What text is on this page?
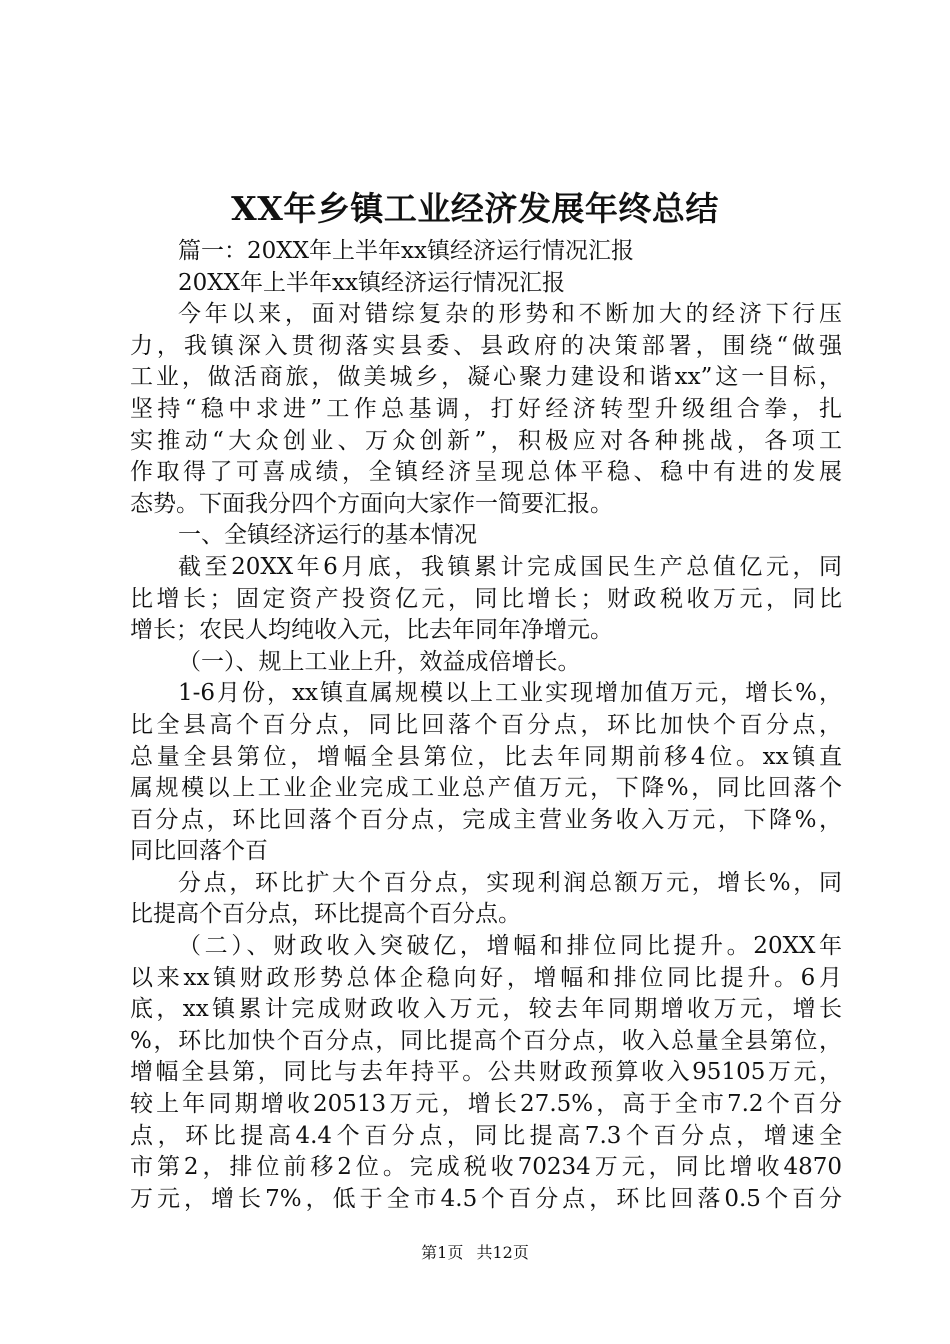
XX年乡镇工业经济发展年终总结
篇一：20XX年上半年xx镇经济运行情况汇报
20XX年上半年xx镇经济运行情况汇报
今年以来，面对错综复杂的形势和不断加大的经济下行压
力，我镇深入贯彻落实县委、县政府的决策部署，围绕“做强
工业，做活商旅，做美城乡，凝心聚力建设和谐xx”这一目标，
坚持“稳中求进”工作总基调，打好经济转型升级组合拳，扎
实推动“大众创业、万众创新”，积极应对各种挑战，各项工
作取得了可喜成绩，全镇经济呈现总体平稳、稳中有进的发展
态势。下面我分四个方面向大家作一简要汇报。
一、全镇经济运行的基本情况
截至20XX年6月底，我镇累计完成国民生产总值亿元，同
比增长；固定资产投资亿元，同比增长；财政税收万元，同比
增长；农民人均纯收入元，比去年同年净增元。
（一）、规上工业上升，效益成倍增长。
1-6月份，xx镇直属规模以上工业实现增加值万元，增长%，
比全县高个百分点，同比回落个百分点，环比加快个百分点，
总量全县第位，增幅全县第位，比去年同期前移4位。xx镇直
属规模以上工业企业完成工业总产值万元，下降%，同比回落个
百分点，环比回落个百分点，完成主营业务收入万元，下降%，
同比回落个百
分点，环比扩大个百分点，实现利润总额万元，增长%，同
比提高个百分点，环比提高个百分点。
（二）、财政收入突破亿，增幅和排位同比提升。20XX年
以来xx镇财政形势总体企稳向好，增幅和排位同比提升。6月
底，xx镇累计完成财政收入万元，较去年同期增收万元，增长
%，环比加快个百分点，同比提高个百分点，收入总量全县第位，
增幅全县第，同比与去年持平。公共财政预算收入95105万元，
较上年同期增收20513万元，增长27.5%，高于全市7.2个百分
点，环比提高4.4个百分点，同比提高7.3个百分点，增速全
市第2，排位前移2位。完成税收70234万元，同比增收4870
万元，增长7%，低于全市4.5个百分点，环比回落0.5个百分
第1页 共12页
